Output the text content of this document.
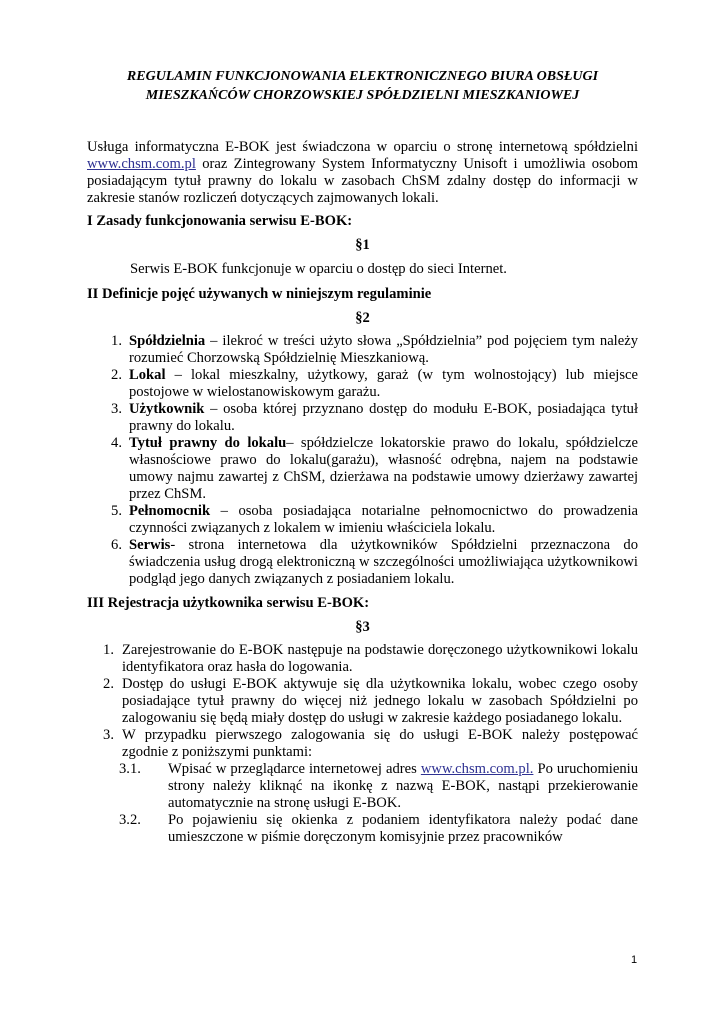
REGULAMIN FUNKCJONOWANIA ELEKTRONICZNEGO BIURA OBSŁUGI
MIESZKAŃCÓW CHORZOWSKIEJ SPÓŁDZIELNI MIESZKANIOWEJ

Usługa informatyczna E-BOK jest świadczona w oparciu o stronę internetową spółdzielni www.chsm.com.pl oraz Zintegrowany System Informatyczny Unisoft i umożliwia osobom posiadającym tytuł prawny do lokalu w zasobach ChSM zdalny dostęp do informacji w zakresie stanów rozliczeń dotyczących zajmowanych lokali.

I Zasady funkcjonowania serwisu E-BOK:

§1

Serwis E-BOK funkcjonuje w oparciu o dostęp do sieci Internet.

II Definicje pojęć używanych w niniejszym regulaminie

§2

1. Spółdzielnia – ilekroć w treści użyto słowa „Spółdzielnia” pod pojęciem tym należy rozumieć Chorzowską Spółdzielnię Mieszkaniową.
2. Lokal – lokal mieszkalny, użytkowy, garaż (w tym wolnostojący) lub miejsce postojowe w wielostanowiskowym garażu.
3. Użytkownik – osoba której przyznano dostęp do modułu E-BOK, posiadająca tytuł prawny do lokalu.
4. Tytuł prawny do lokalu– spółdzielcze lokatorskie prawo do lokalu, spółdzielcze własnościowe prawo do lokalu(garażu), własność odrębna, najem na podstawie umowy najmu zawartej z ChSM, dzierżawa na podstawie umowy dzierżawy zawartej przez ChSM.
5. Pełnomocnik – osoba posiadająca notarialne pełnomocnictwo do prowadzenia czynności związanych z lokalem w imieniu właściciela lokalu.
6. Serwis- strona internetowa dla użytkowników Spółdzielni przeznaczona do świadczenia usług drogą elektroniczną w szczególności umożliwiająca użytkownikowi podgląd jego danych związanych z posiadaniem lokalu.

III Rejestracja użytkownika serwisu E-BOK:

§3

1. Zarejestrowanie do E-BOK następuje na podstawie doręczonego użytkownikowi lokalu identyfikatora oraz hasła do logowania.
2. Dostęp do usługi E-BOK aktywuje się dla użytkownika lokalu, wobec czego osoby posiadające tytuł prawny do więcej niż jednego lokalu w zasobach Spółdzielni po zalogowaniu się będą miały dostęp do usługi w zakresie każdego posiadanego lokalu.
3. W przypadku pierwszego zalogowania się do usługi E-BOK należy postępować zgodnie z poniższymi punktami:
3.1.	Wpisać w przeglądarce internetowej adres www.chsm.com.pl. Po uruchomieniu strony należy kliknąć na ikonkę z nazwą E-BOK, nastąpi przekierowanie automatycznie na stronę usługi E-BOK.
3.2.	Po pojawieniu się okienka z podaniem identyfikatora należy podać dane umieszczone w piśmie doręczonym komisyjnie przez pracowników
1
